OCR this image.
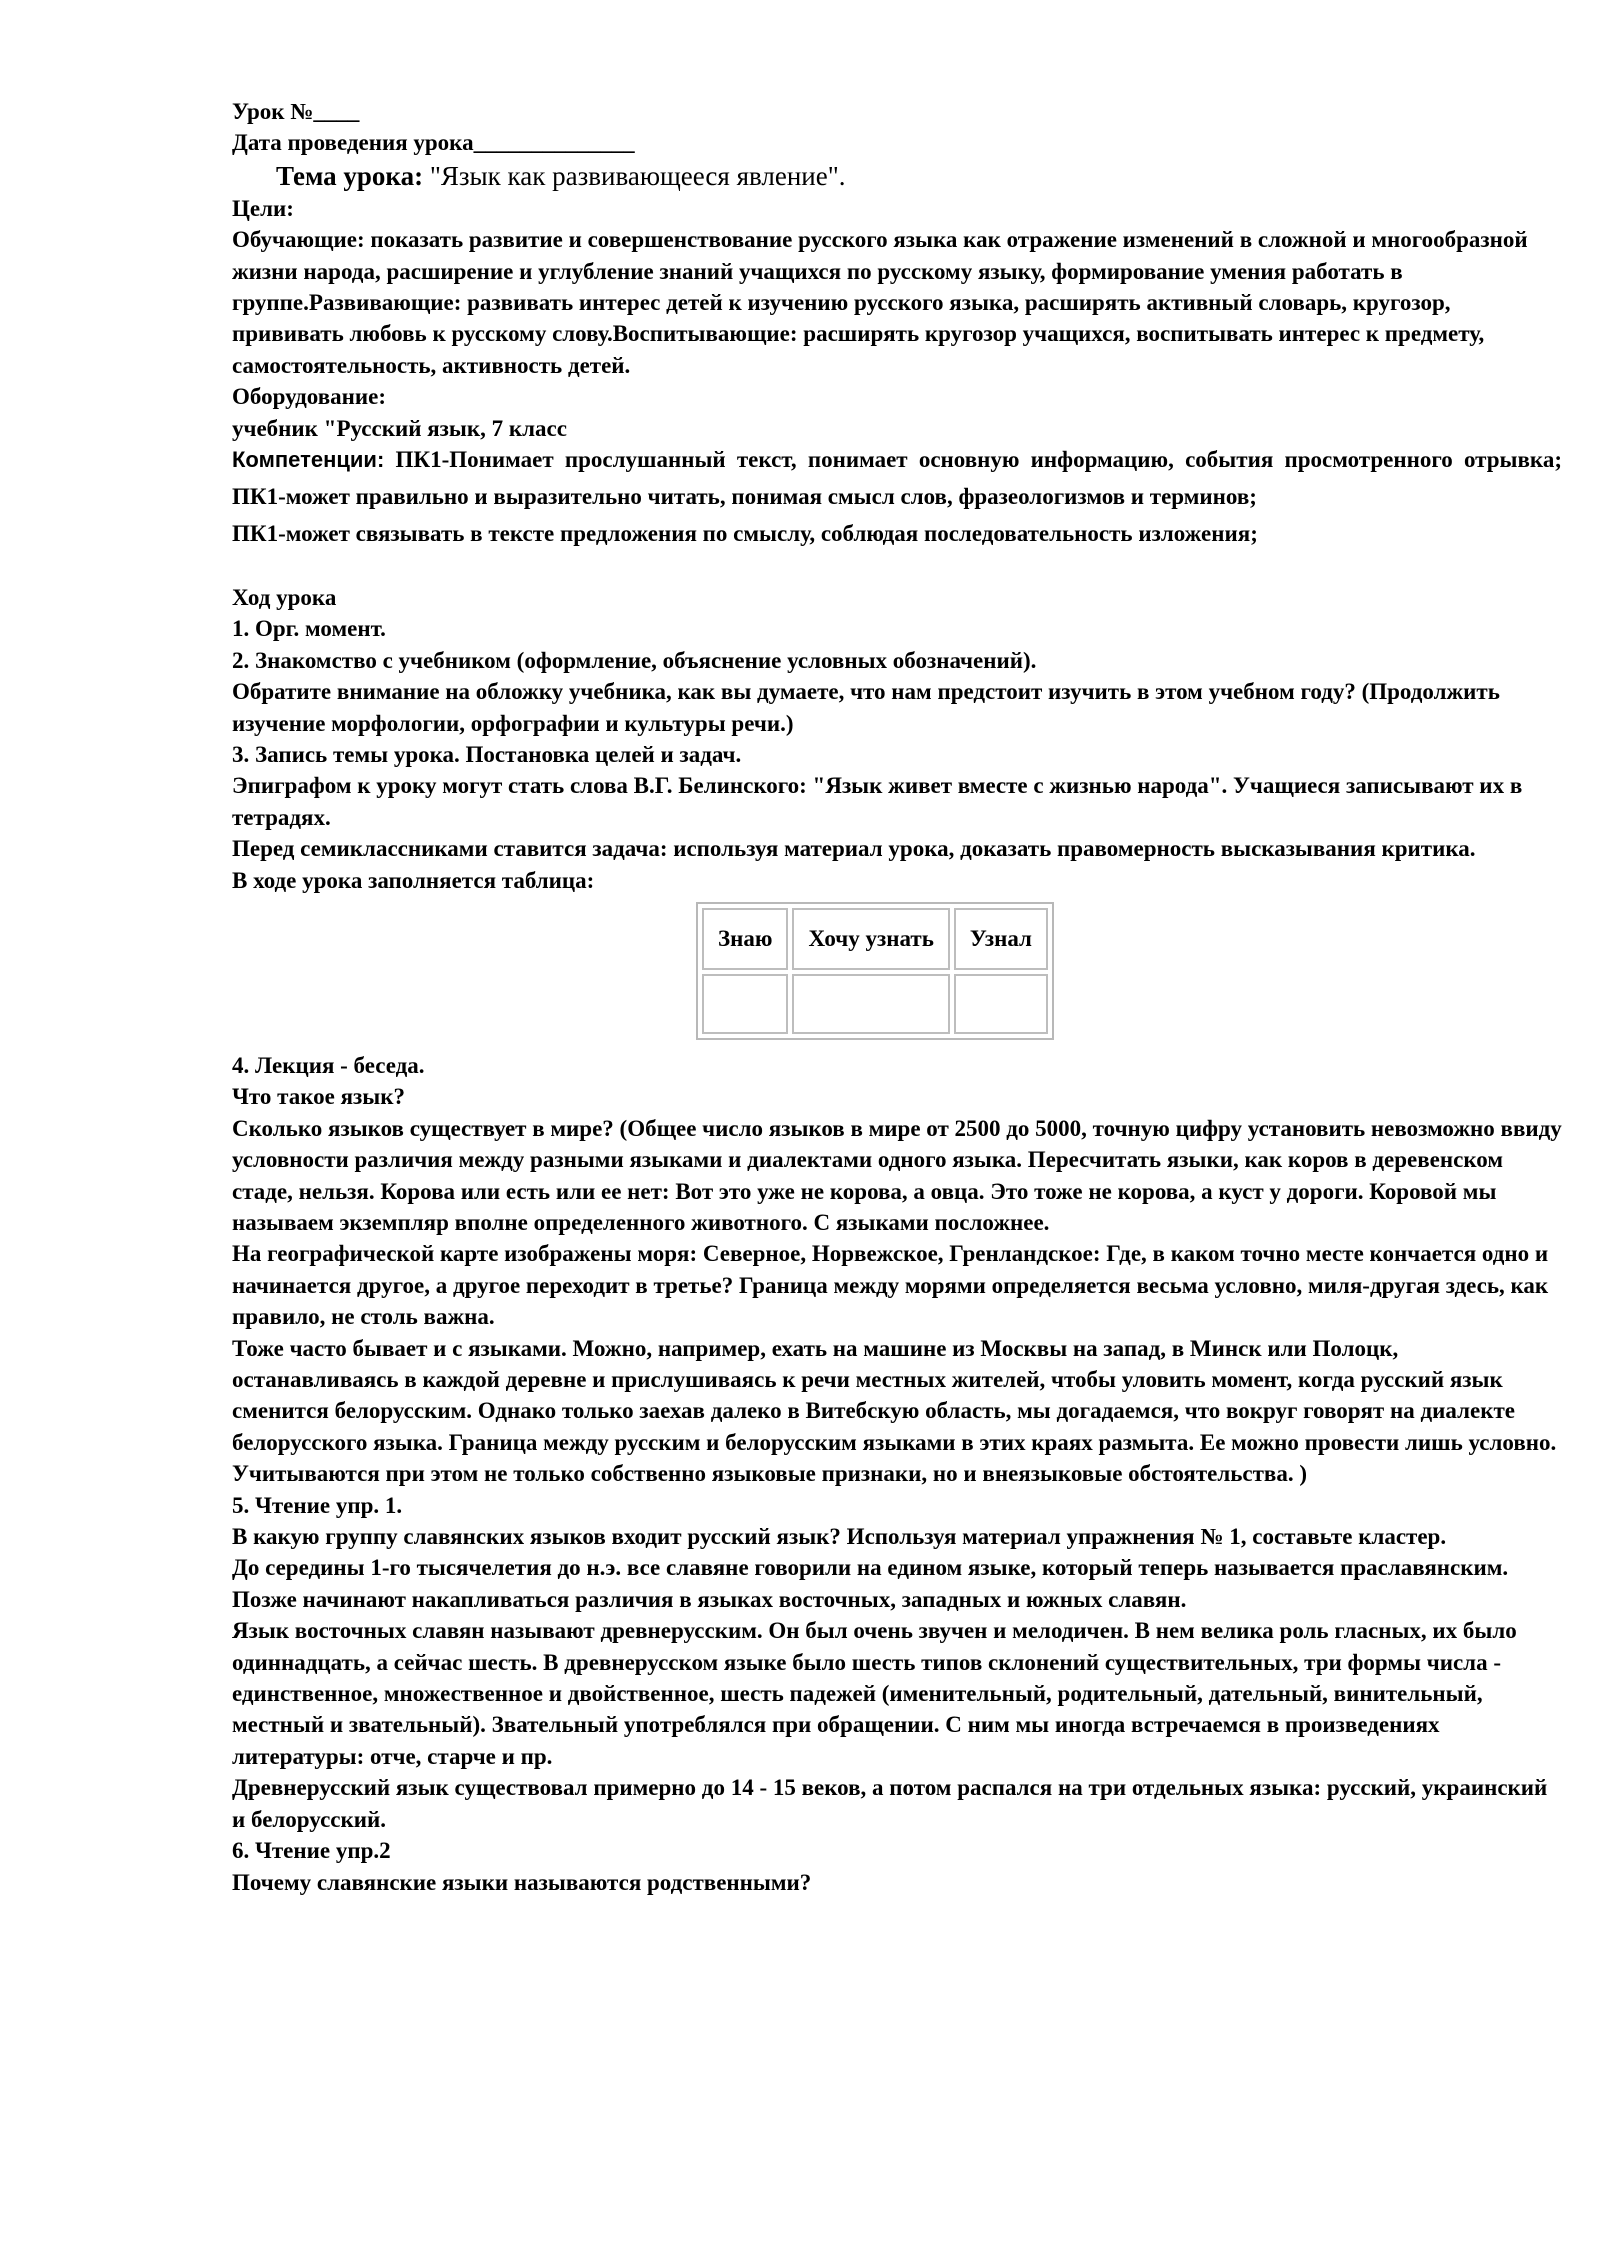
Урок №____

Дата проведения урока______________

Тема урока: "Язык как развивающееся явление".

Цели:

Обучающие: показать развитие и совершенствование русского языка как отражение изменений в сложной и многообразной жизни народа, расширение и углубление знаний учащихся по русскому языку, формирование умения работать в группе.Развивающие: развивать интерес детей к изучению русского языка, расширять активный словарь, кругозор, прививать любовь к русскому слову.Воспитывающие: расширять кругозор учащихся, воспитывать интерес к предмету, самостоятельность, активность детей.

Оборудование:

учебник "Русский язык, 7 класс

Компетенции: ПК1-Понимает прослушанный текст, понимает основную информацию, события просмотренного отрывка;

ПК1-может правильно и выразительно читать, понимая смысл слов, фразеологизмов и терминов;

ПК1-может связывать в тексте предложения по смыслу, соблюдая последовательность изложения;

Ход урока

1. Орг. момент.

2. Знакомство с учебником (оформление, объяснение условных обозначений).

Обратите внимание на обложку учебника, как вы думаете, что нам предстоит изучить в этом учебном году? (Продолжить изучение морфологии, орфографии и культуры речи.)

3. Запись темы урока. Постановка целей и задач.

Эпиграфом к уроку могут стать слова В.Г. Белинского: "Язык живет вместе с жизнью народа". Учащиеся записывают их в тетрадях.

Перед семиклассниками ставится задача: используя материал урока, доказать правомерность высказывания критика.

В ходе урока заполняется таблица:

Знаю	Хочу узнать	Узнал

4. Лекция - беседа.

Что такое язык?

Сколько языков существует в мире? (Общее число языков в мире от 2500 до 5000, точную цифру установить невозможно ввиду условности различия между разными языками и диалектами одного языка. Пересчитать языки, как коров в деревенском стаде, нельзя. Корова или есть или ее нет: Вот это уже не корова, а овца. Это тоже не корова, а куст у дороги. Коровой мы называем экземпляр вполне определенного животного. С языками посложнее.

На географической карте изображены моря: Северное, Норвежское, Гренландское: Где, в каком точно месте кончается одно и начинается другое, а другое переходит в третье? Граница между морями определяется весьма условно, миля-другая здесь, как правило, не столь важна.

Тоже часто бывает и с языками. Можно, например, ехать на машине из Москвы на запад, в Минск или Полоцк, останавливаясь в каждой деревне и прислушиваясь к речи местных жителей, чтобы уловить момент, когда русский язык сменится белорусским. Однако только заехав далеко в Витебскую область, мы догадаемся, что вокруг говорят на диалекте белорусского языка. Граница между русским и белорусским языками в этих краях размыта. Ее можно провести лишь условно. Учитываются при этом не только собственно языковые признаки, но и внеязыковые обстоятельства. )

5. Чтение упр. 1.

В какую группу славянских языков входит русский язык? Используя материал упражнения № 1, составьте кластер.

До середины 1-го тысячелетия до н.э. все славяне говорили на едином языке, который теперь называется праславянским. Позже начинают накапливаться различия в языках восточных, западных и южных славян.

Язык восточных славян называют древнерусским. Он был очень звучен и мелодичен. В нем велика роль гласных, их было одиннадцать, а сейчас шесть. В древнерусском языке было шесть типов склонений существительных, три формы числа - единственное, множественное и двойственное, шесть падежей (именительный, родительный, дательный, винительный, местный и звательный). Звательный употреблялся при обращении. С ним мы иногда встречаемся в произведениях литературы: отче, старче и пр.

Древнерусский язык существовал примерно до 14 - 15 веков, а потом распался на три отдельных языка: русский, украинский и белорусский.

6. Чтение упр.2

Почему славянские языки называются родственными?
